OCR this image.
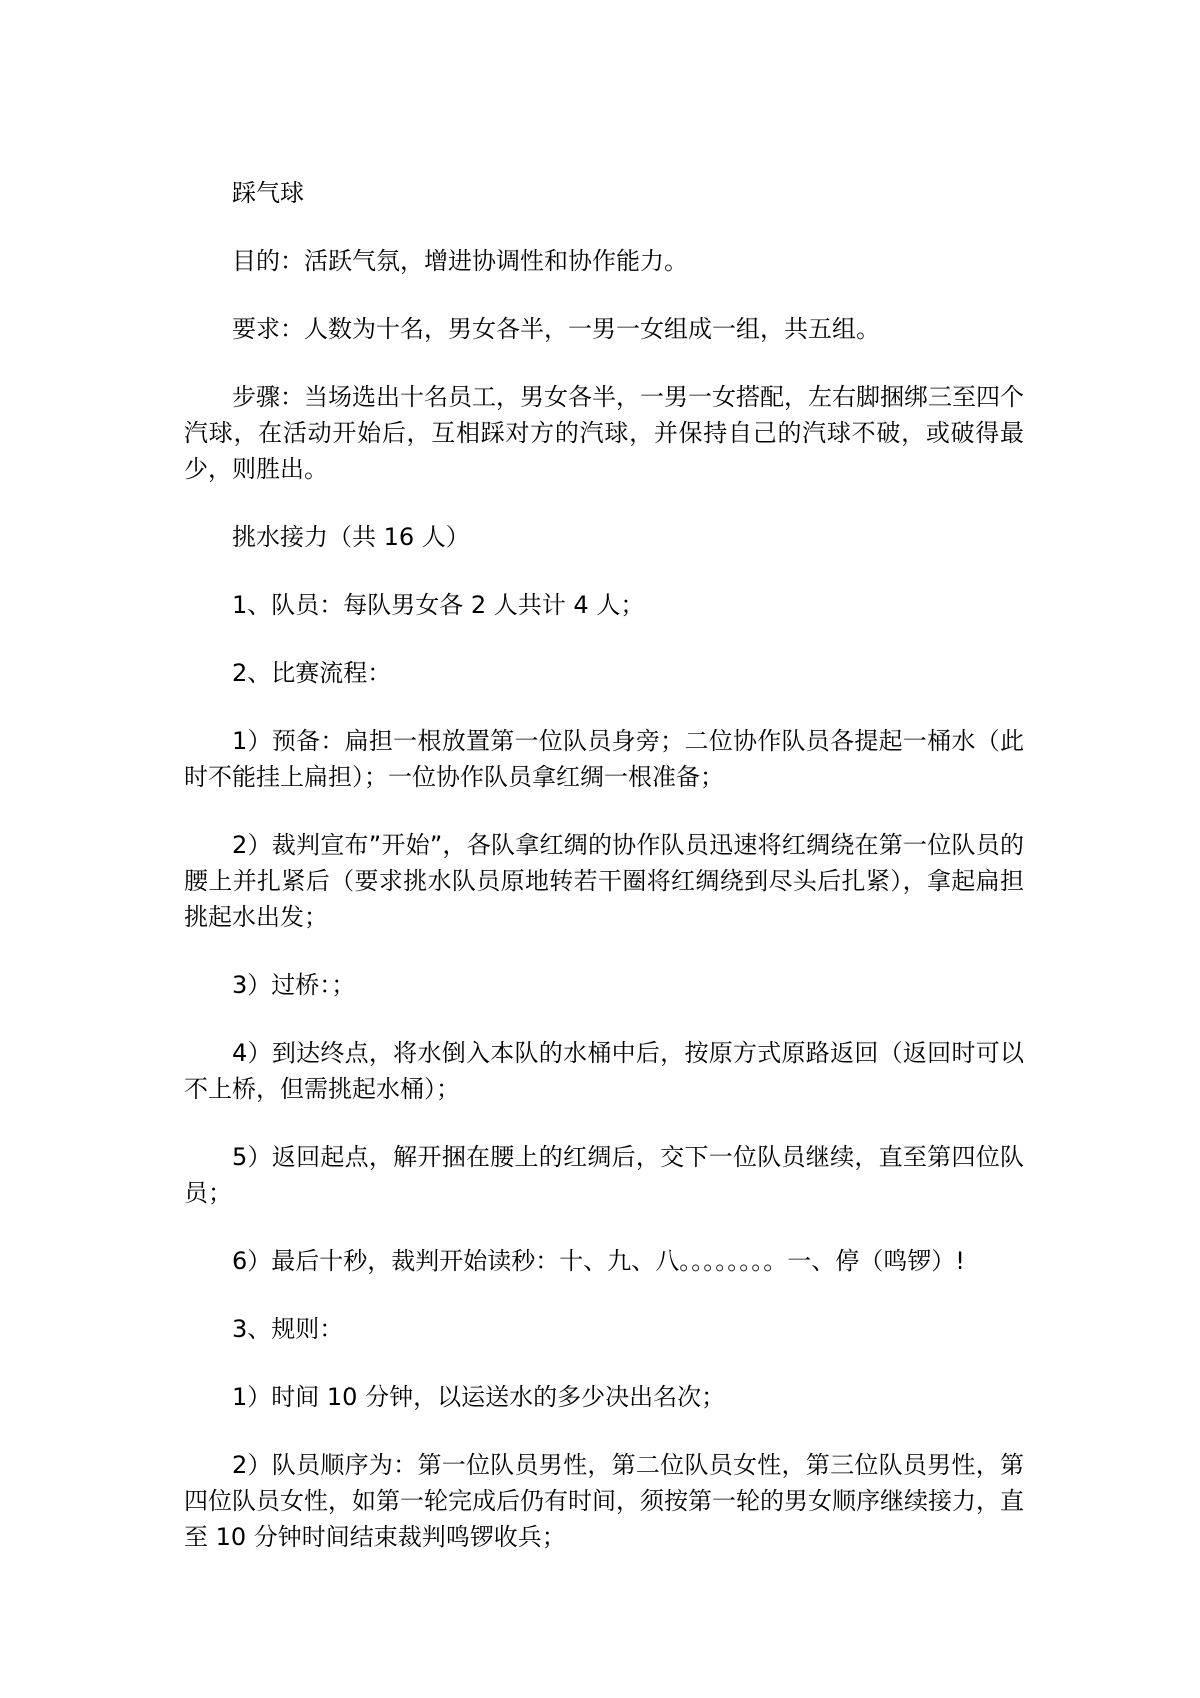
踩气球

目的：活跃气氛，增进协调性和协作能力。

要求：人数为十名，男女各半，一男一女组成一组，共五组。

步骤：当场选出十名员工，男女各半，一男一女搭配，左右脚捆绑三至四个汽球，在活动开始后，互相踩对方的汽球，并保持自己的汽球不破，或破得最少，则胜出。

挑水接力（共 16 人）

1、队员：每队男女各 2 人共计 4 人；

2、比赛流程：

1）预备：扁担一根放置第一位队员身旁；二位协作队员各提起一桶水（此时不能挂上扁担）；一位协作队员拿红绸一根准备；

2）裁判宣布”开始”，各队拿红绸的协作队员迅速将红绸绕在第一位队员的腰上并扎紧后（要求挑水队员原地转若干圈将红绸绕到尽头后扎紧），拿起扁担挑起水出发；

3）过桥：；

4）到达终点，将水倒入本队的水桶中后，按原方式原路返回（返回时可以不上桥，但需挑起水桶）；

5）返回起点，解开捆在腰上的红绸后，交下一位队员继续，直至第四位队员；

6）最后十秒，裁判开始读秒：十、九、八。。。。。。。。一、停（鸣锣）!

3、规则：

1）时间 10 分钟，以运送水的多少决出名次；

2）队员顺序为：第一位队员男性，第二位队员女性，第三位队员男性，第四位队员女性，如第一轮完成后仍有时间，须按第一轮的男女顺序继续接力，直至 10 分钟时间结束裁判鸣锣收兵；
